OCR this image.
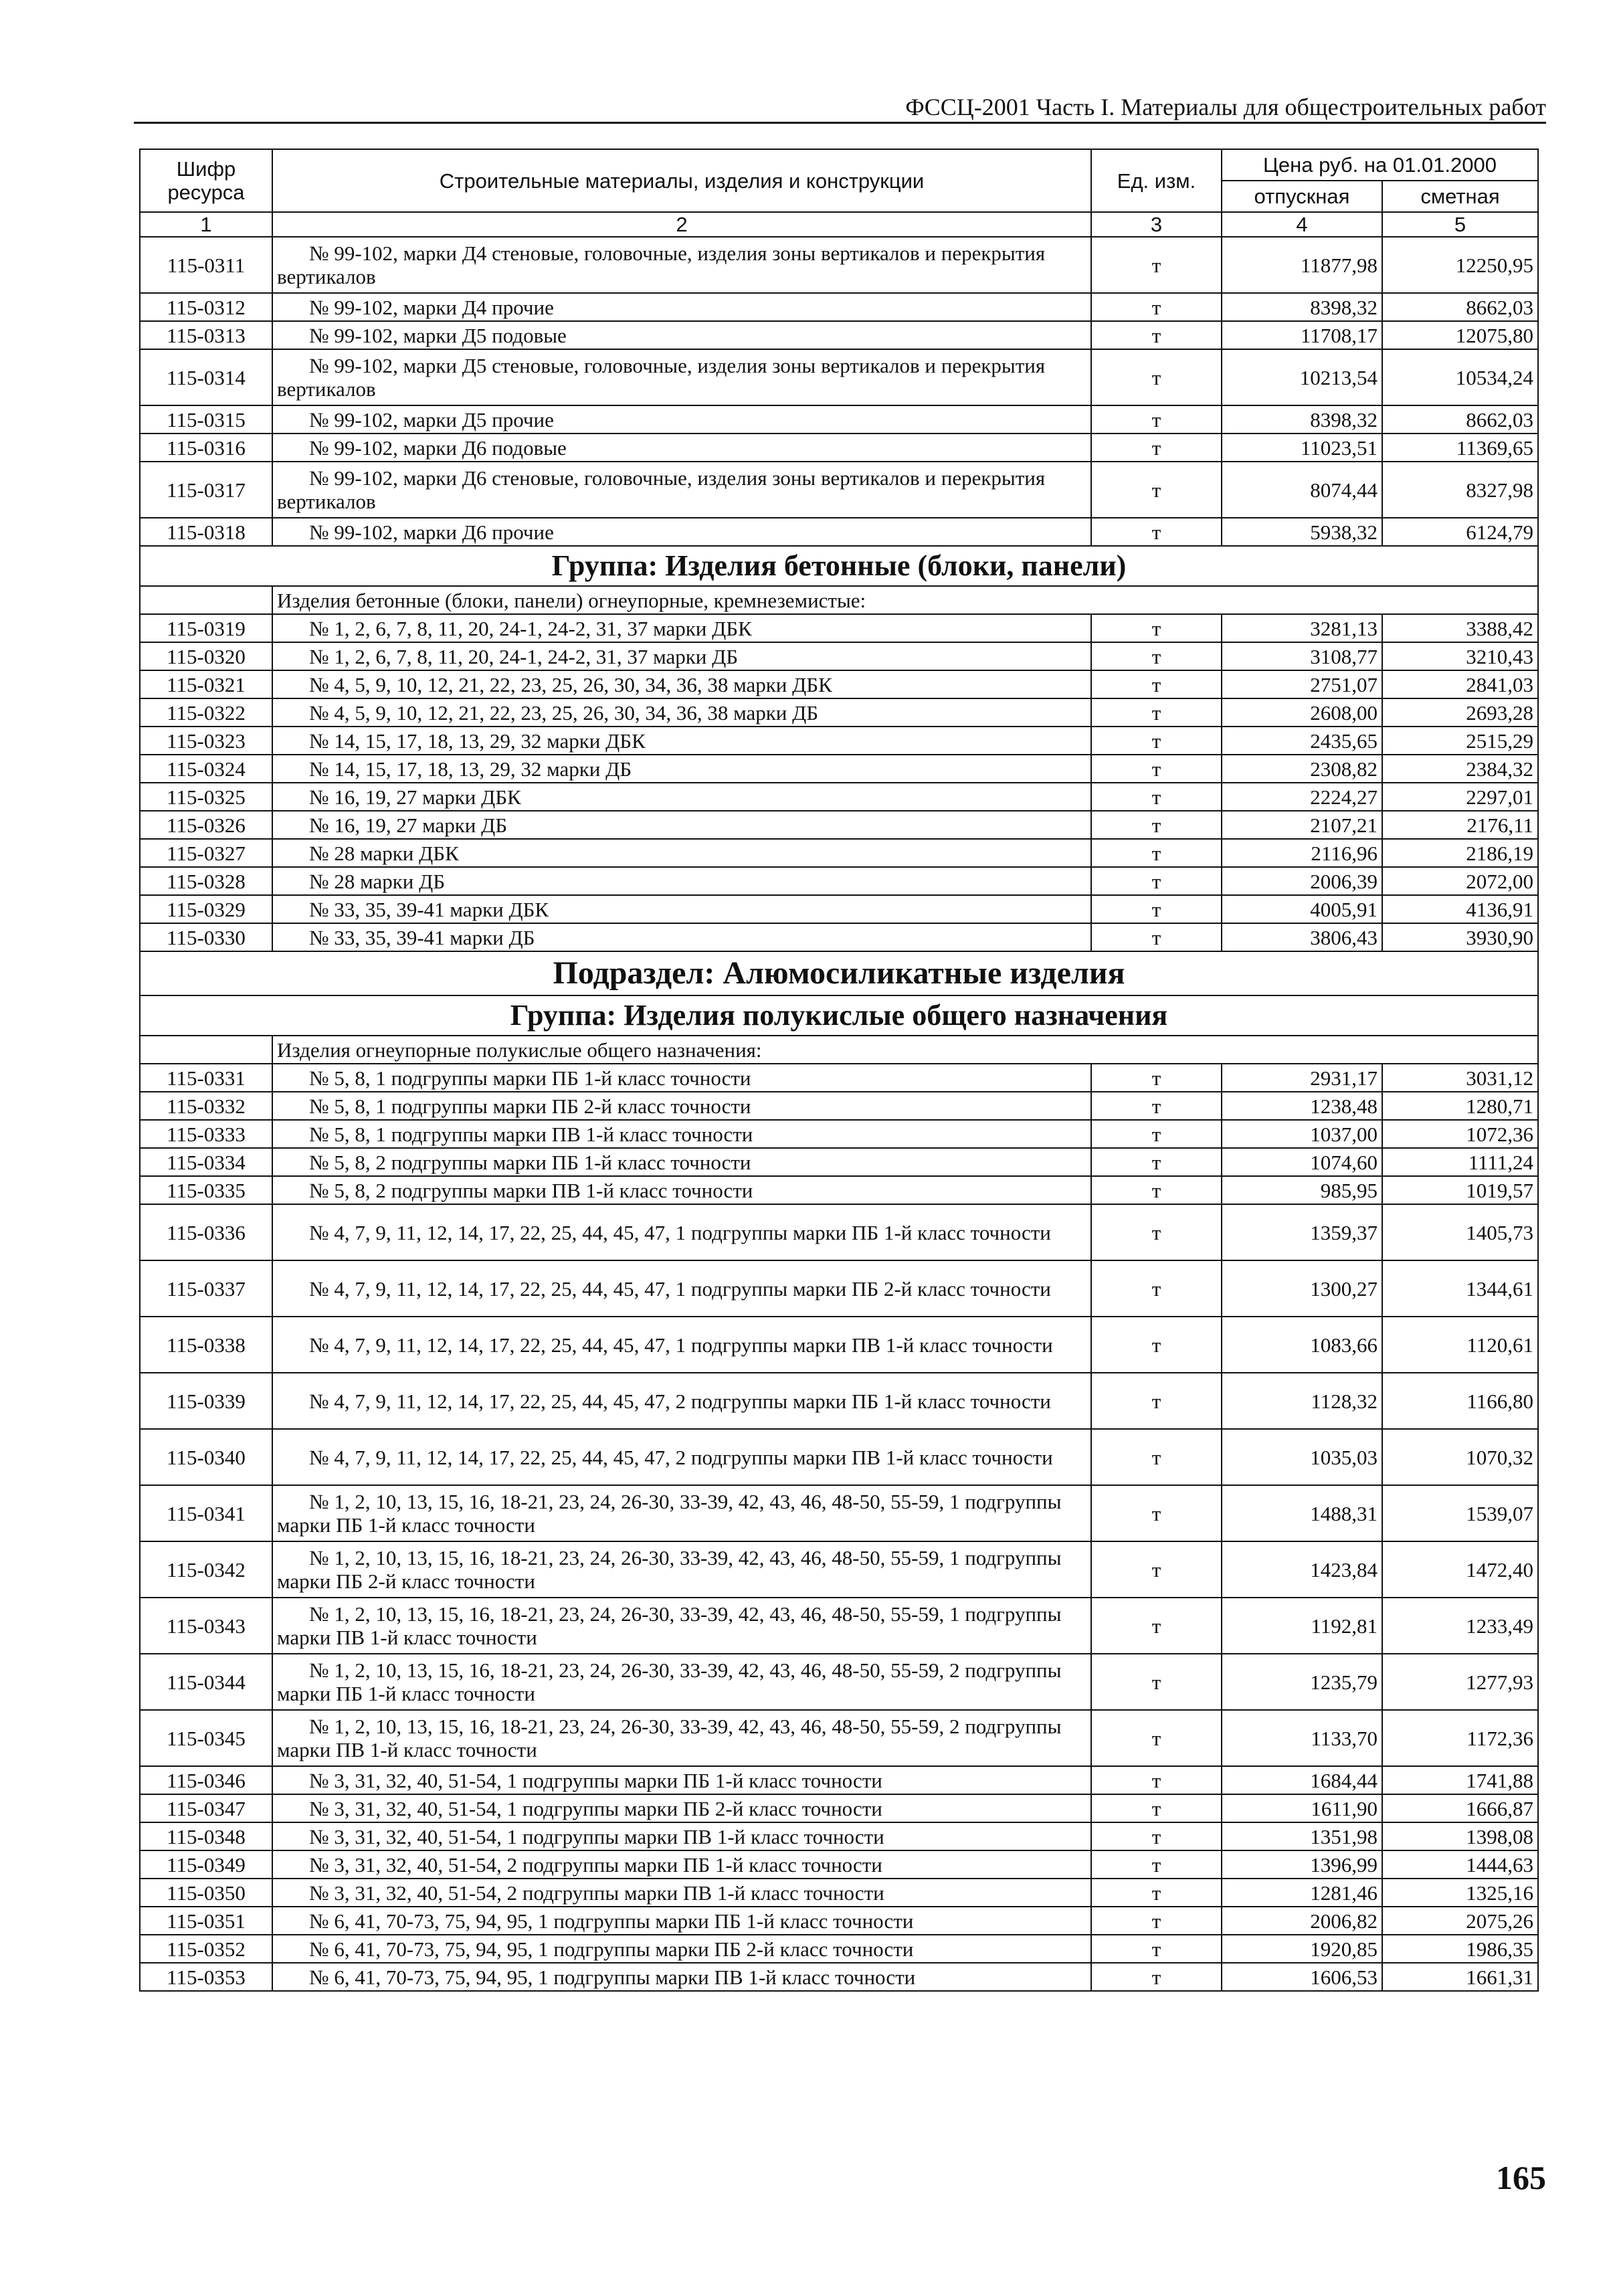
ФССЦ-2001 Часть I. Материалы для общестроительных работ
Шифр ресурса	Строительные материалы, изделия и конструкции	Ед. изм.	Цена руб. на 01.01.2000	
			отпускная	сметная
1	2	3	4	5
115-0311	№ 99-102, марки Д4 стеновые, головочные, изделия зоны вертикалов и перекрытия вертикалов	т	11877,98	12250,95
115-0312	№ 99-102, марки Д4 прочие	т	8398,32	8662,03
115-0313	№ 99-102, марки Д5 подовые	т	11708,17	12075,80
115-0314	№ 99-102, марки Д5 стеновые, головочные, изделия зоны вертикалов и перекрытия вертикалов	т	10213,54	10534,24
115-0315	№ 99-102, марки Д5 прочие	т	8398,32	8662,03
115-0316	№ 99-102, марки Д6 подовые	т	11023,51	11369,65
115-0317	№ 99-102, марки Д6 стеновые, головочные, изделия зоны вертикалов и перекрытия вертикалов	т	8074,44	8327,98
115-0318	№ 99-102, марки Д6 прочие	т	5938,32	6124,79
Группа: Изделия бетонные (блоки, панели)				
	Изделия бетонные (блоки, панели) огнеупорные, кремнеземистые:			
115-0319	№ 1, 2, 6, 7, 8, 11, 20, 24-1, 24-2, 31, 37 марки ДБК	т	3281,13	3388,42
115-0320	№ 1, 2, 6, 7, 8, 11, 20, 24-1, 24-2, 31, 37 марки ДБ	т	3108,77	3210,43
115-0321	№ 4, 5, 9, 10, 12, 21, 22, 23, 25, 26, 30, 34, 36, 38 марки ДБК	т	2751,07	2841,03
115-0322	№ 4, 5, 9, 10, 12, 21, 22, 23, 25, 26, 30, 34, 36, 38 марки ДБ	т	2608,00	2693,28
115-0323	№ 14, 15, 17, 18, 13, 29, 32 марки ДБК	т	2435,65	2515,29
115-0324	№ 14, 15, 17, 18, 13, 29, 32 марки ДБ	т	2308,82	2384,32
115-0325	№ 16, 19, 27 марки ДБК	т	2224,27	2297,01
115-0326	№ 16, 19, 27 марки ДБ	т	2107,21	2176,11
115-0327	№ 28 марки ДБК	т	2116,96	2186,19
115-0328	№ 28 марки ДБ	т	2006,39	2072,00
115-0329	№ 33, 35, 39-41 марки ДБК	т	4005,91	4136,91
115-0330	№ 33, 35, 39-41 марки ДБ	т	3806,43	3930,90
Подраздел: Алюмосиликатные изделия				
Группа: Изделия полукислые общего назначения				
	Изделия огнеупорные полукислые общего назначения:			
115-0331	№ 5, 8, 1 подгруппы марки ПБ 1-й класс точности	т	2931,17	3031,12
115-0332	№ 5, 8, 1 подгруппы марки ПБ 2-й класс точности	т	1238,48	1280,71
115-0333	№ 5, 8, 1 подгруппы марки ПВ 1-й класс точности	т	1037,00	1072,36
115-0334	№ 5, 8, 2 подгруппы марки ПБ 1-й класс точности	т	1074,60	1111,24
115-0335	№ 5, 8, 2 подгруппы марки ПВ 1-й класс точности	т	985,95	1019,57
115-0336	№ 4, 7, 9, 11, 12, 14, 17, 22, 25, 44, 45, 47, 1 подгруппы марки ПБ 1-й класс точности	т	1359,37	1405,73
115-0337	№ 4, 7, 9, 11, 12, 14, 17, 22, 25, 44, 45, 47, 1 подгруппы марки ПБ 2-й класс точности	т	1300,27	1344,61
115-0338	№ 4, 7, 9, 11, 12, 14, 17, 22, 25, 44, 45, 47, 1 подгруппы марки ПВ 1-й класс точности	т	1083,66	1120,61
115-0339	№ 4, 7, 9, 11, 12, 14, 17, 22, 25, 44, 45, 47, 2 подгруппы марки ПБ 1-й класс точности	т	1128,32	1166,80
115-0340	№ 4, 7, 9, 11, 12, 14, 17, 22, 25, 44, 45, 47, 2 подгруппы марки ПВ 1-й класс точности	т	1035,03	1070,32
115-0341	№ 1, 2, 10, 13, 15, 16, 18-21, 23, 24, 26-30, 33-39, 42, 43, 46, 48-50, 55-59, 1 подгруппы марки ПБ 1-й класс точности	т	1488,31	1539,07
115-0342	№ 1, 2, 10, 13, 15, 16, 18-21, 23, 24, 26-30, 33-39, 42, 43, 46, 48-50, 55-59, 1 подгруппы марки ПБ 2-й класс точности	т	1423,84	1472,40
115-0343	№ 1, 2, 10, 13, 15, 16, 18-21, 23, 24, 26-30, 33-39, 42, 43, 46, 48-50, 55-59, 1 подгруппы марки ПВ 1-й класс точности	т	1192,81	1233,49
115-0344	№ 1, 2, 10, 13, 15, 16, 18-21, 23, 24, 26-30, 33-39, 42, 43, 46, 48-50, 55-59, 2 подгруппы марки ПБ 1-й класс точности	т	1235,79	1277,93
115-0345	№ 1, 2, 10, 13, 15, 16, 18-21, 23, 24, 26-30, 33-39, 42, 43, 46, 48-50, 55-59, 2 подгруппы марки ПВ 1-й класс точности	т	1133,70	1172,36
115-0346	№ 3, 31, 32, 40, 51-54, 1 подгруппы марки ПБ 1-й класс точности	т	1684,44	1741,88
115-0347	№ 3, 31, 32, 40, 51-54, 1 подгруппы марки ПБ 2-й класс точности	т	1611,90	1666,87
115-0348	№ 3, 31, 32, 40, 51-54, 1 подгруппы марки ПВ 1-й класс точности	т	1351,98	1398,08
115-0349	№ 3, 31, 32, 40, 51-54, 2 подгруппы марки ПБ 1-й класс точности	т	1396,99	1444,63
115-0350	№ 3, 31, 32, 40, 51-54, 2 подгруппы марки ПВ 1-й класс точности	т	1281,46	1325,16
115-0351	№ 6, 41, 70-73, 75, 94, 95, 1 подгруппы марки ПБ 1-й класс точности	т	2006,82	2075,26
115-0352	№ 6, 41, 70-73, 75, 94, 95, 1 подгруппы марки ПБ 2-й класс точности	т	1920,85	1986,35
115-0353	№ 6, 41, 70-73, 75, 94, 95, 1 подгруппы марки ПВ 1-й класс точности	т	1606,53	1661,31
165
